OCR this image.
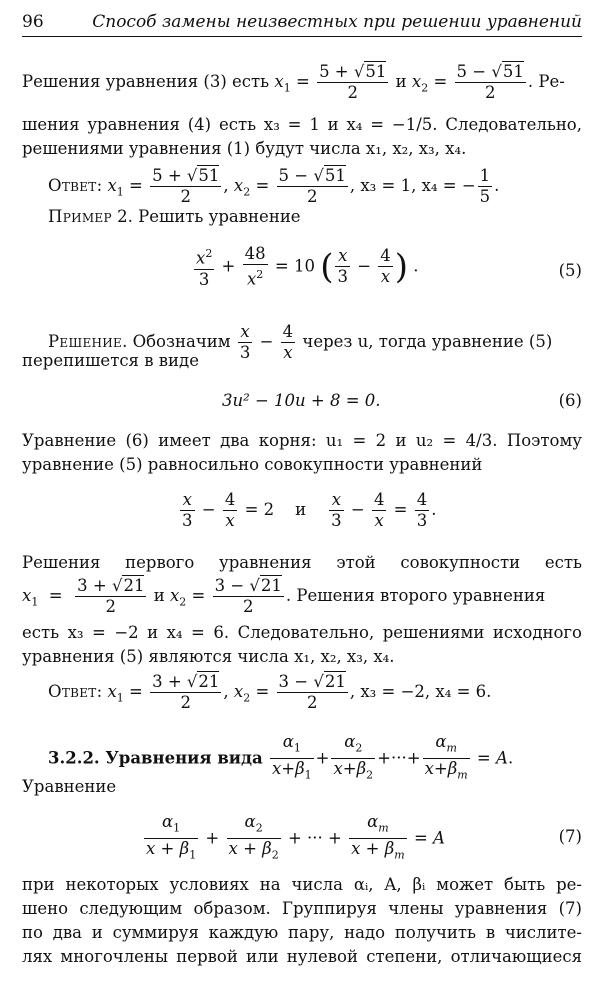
96	Способ замены неизвестных при решении уравнений
Решения уравнения (3) есть $x_1 = \frac{5 + √51}{2}$ и $x_2 = \frac{5 - √51}{2}$ . Ре-
шения уравнения (4) есть x₃ = 1 и x₄ = −1/5. Следовательно,
решениями уравнения (1) будут числа x₁, x₂, x₃, x₄.
Ответ: $x_1 = \frac{5 + √51}{2}$ , $x_2 = \frac{5 - √51}{2}$ , x₃ = 1, x₄ = − $\frac{1}{5}$ .
Пример 2. Решить уравнение
$\frac{x^2}{3} + \frac{48}{x^2} = 10$ ( $\frac{x}{3} - \frac{4}{x}$ ) .	(5)
Решение. Обозначим $\frac{x}{3} - \frac{4}{x}$ через u, тогда уравнение (5)
перепишется в виде
3u² − 10u + 8 = 0.	(6)
Уравнение (6) имеет два корня: u₁ = 2 и u₂ = 4/3. Поэтому
уравнение (5) равносильно совокупности уравнений
$\frac{x}{3} - \frac{4}{x} = 2$    и $\frac{x}{3} - \frac{4}{x} = \frac{4}{3}$ .
Решения первого уравнения этой совокупности есть
$x_1 = \frac{3 + √21}{2}$ и $x_2 = \frac{3 - √21}{2}$ . Решения второго уравнения
есть x₃ = −2 и x₄ = 6. Следовательно, решениями исходного
уравнения (5) являются числа x₁, x₂, x₃, x₄.
Ответ: $x_1 = \frac{3 + √21}{2}$ , $x_2 = \frac{3 - √21}{2}$ , x₃ = −2, x₄ = 6.
3.2.2. Уравнения вида $\frac{\alpha_1}{x+\beta_1} + \frac{\alpha_2}{x+\beta_2}$ +···+ $\frac{\alpha_m}{x+\beta_m} = A$.
Уравнение
$\frac{\alpha_1}{x + \beta_1} + \frac{\alpha_2}{x + \beta_2}$ + ··· + $\frac{\alpha_m}{x + \beta_m} = A$	(7)
при некоторых условиях на числа αᵢ, A, βᵢ может быть ре-
шено следующим образом. Группируя члены уравнения (7)
по два и суммируя каждую пару, надо получить в числите-
лях многочлены первой или нулевой степени, отличающиеся
